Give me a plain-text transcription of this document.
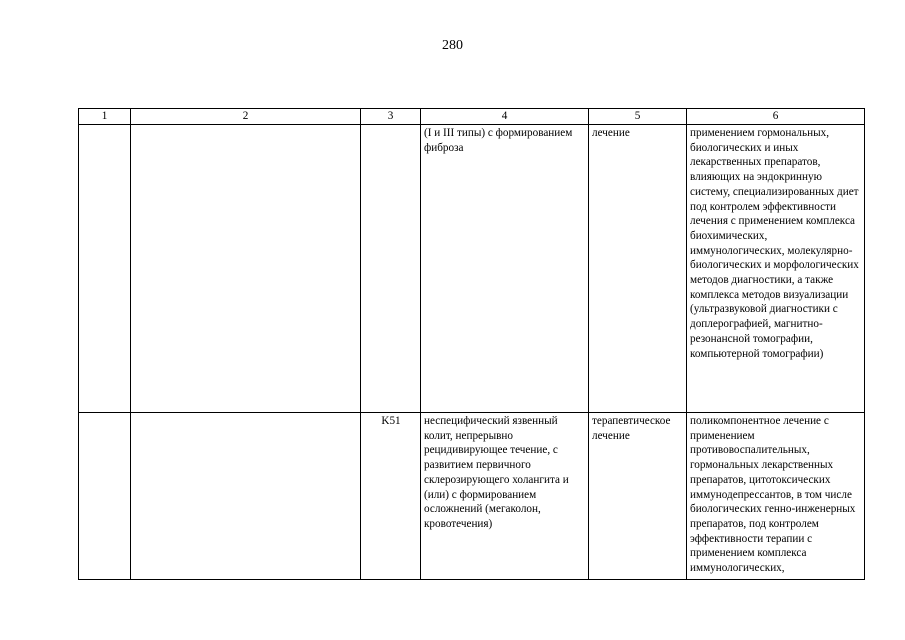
280
1	2	3	4	5	6
			(I и III типы) с формированием фиброза	лечение	применением гормональных, биологических и иных лекарственных препаратов, влияющих на эндокринную систему, специализированных диет под контролем эффективности лечения с применением комплекса биохимических, иммунологических, молекулярно-биологических и морфологических методов диагностики, а также комплекса методов визуализации (ультразвуковой диагностики с доплерографией, магнитно-резонансной томографии, компьютерной томографии)
		K51	неспецифический язвенный колит, непрерывно рецидивирующее течение, с развитием первичного склерозирующего холангита и (или) с формированием осложнений (мегаколон, кровотечения)	терапевтическое лечение	поликомпонентное лечение с применением противовоспалительных, гормональных лекарственных препаратов, цитотоксических иммунодепрессантов, в том числе биологических генно-инженерных препаратов, под контролем эффективности терапии с применением комплекса иммунологических,
